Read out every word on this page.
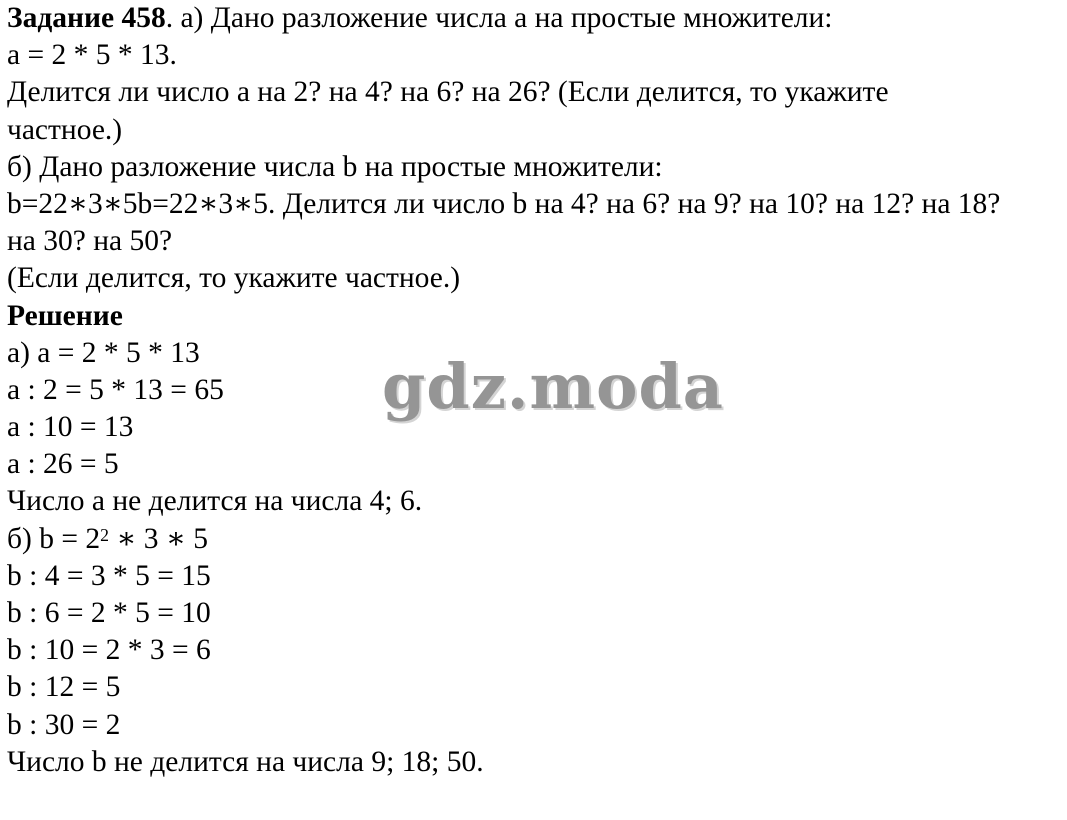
Задание 458. а) Дано разложение числа а на простые множители:
а = 2 * 5 * 13.
Делится ли число а на 2? на 4? на 6? на 26? (Если делится, то укажите
частное.)
б) Дано разложение числа b на простые множители:
b=22∗3∗5b=22∗3∗5. Делится ли число b на 4? на 6? на 9? на 10? на 12? на 18?
на 30? на 50?
(Если делится, то укажите частное.)
Решение
а) а = 2 * 5 * 13
а : 2 = 5 * 13 = 65
а : 10 = 13
а : 26 = 5
Число а не делится на числа 4; 6.
б) $b = 2^2$ ∗ 3 ∗ 5
b : 4 = 3 * 5 = 15
b : 6 = 2 * 5 = 10
b : 10 = 2 * 3 = 6
b : 12 = 5
b : 30 = 2
Число b не делится на числа 9; 18; 50.
gdz.moda
